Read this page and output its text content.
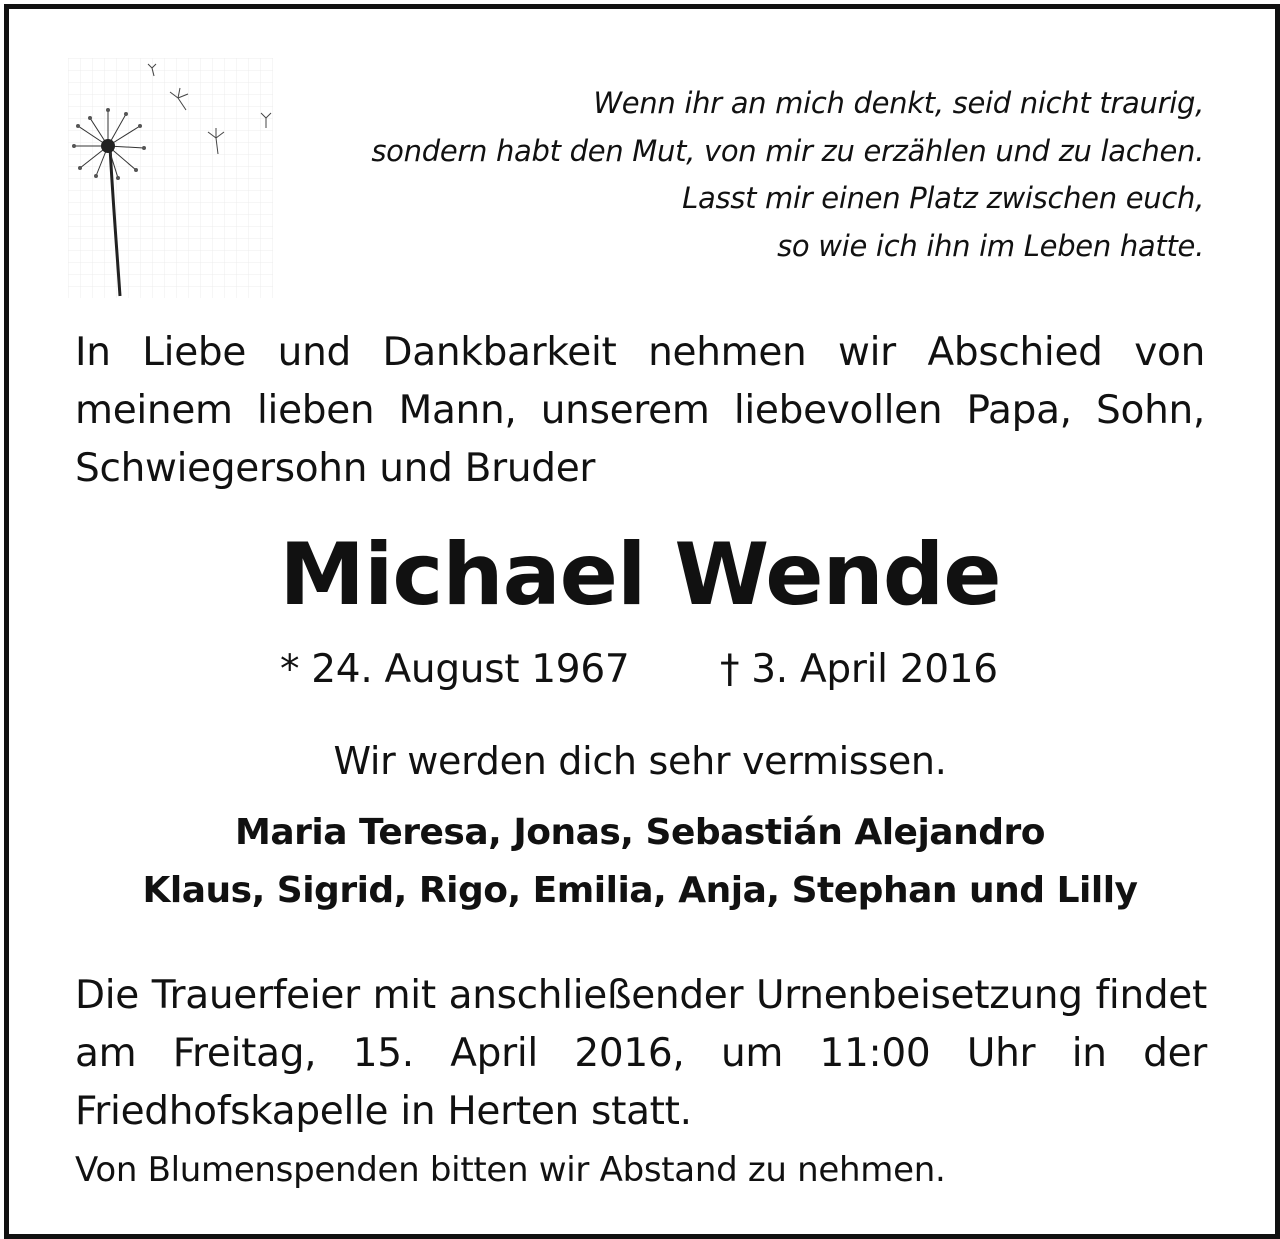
Wenn ihr an mich denkt, seid nicht traurig,
sondern habt den Mut, von mir zu erzählen und zu lachen.
Lasst mir einen Platz zwischen euch,
so wie ich ihn im Leben hatte.
In Liebe und Dankbarkeit nehmen wir Abschied von meinem lieben Mann, unserem liebevollen Papa, Sohn, Schwiegersohn und Bruder
Michael Wende
* 24. August 1967 † 3. April 2016
Wir werden dich sehr vermissen.
Maria Teresa, Jonas, Sebastián Alejandro
Klaus, Sigrid, Rigo, Emilia, Anja, Stephan und Lilly
Die Trauerfeier mit anschließender Urnenbeisetzung findet am Freitag, 15. April 2016, um 11:00 Uhr in der Friedhofskapelle in Herten statt.
Von Blumenspenden bitten wir Abstand zu nehmen.
